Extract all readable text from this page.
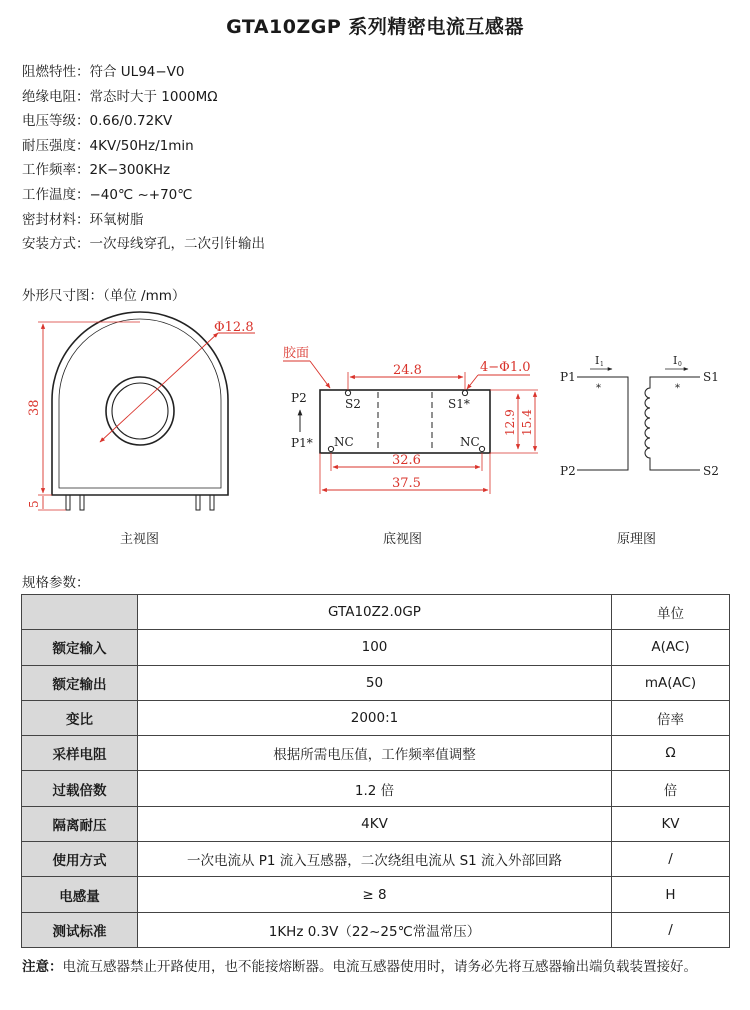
GTA10ZGP 系列精密电流互感器
阻燃特性：符合 UL94−V0
绝缘电阻：常态时大于 1000MΩ
电压等级：0.66/0.72KV
耐压强度：4KV/50Hz/1min
工作频率：2K−300KHz
工作温度：−40℃ ~+70℃
密封材料：环氧树脂
安装方式：一次母线穿孔，二次引针输出
外形尺寸图：（单位 /mm）
Φ12.8
38
5
主视图
S2	S1*
NC	NC
胶面
24.8	4−Φ1.0
P2
P1*
12.9 15.4
32.6
37.5
底视图
P1
P2
S1
S2
I 1	I 0
*	*
原理图
规格参数：
	GTA10Z2.0GP	单位
额定输入	100	A(AC)
额定输出	50	mA(AC)
变比	2000:1	倍率
采样电阻	根据所需电压值，工作频率值调整	Ω
过载倍数	1.2 倍	倍
隔离耐压	4KV	KV
使用方式	一次电流从 P1 流入互感器，二次绕组电流从 S1 流入外部回路	/
电感量	≥ 8	H
测试标准	1KHz 0.3V（22~25℃常温常压）	/
注意：电流互感器禁止开路使用，也不能接熔断器。电流互感器使用时，请务必先将互感器输出端负载装置接好。
